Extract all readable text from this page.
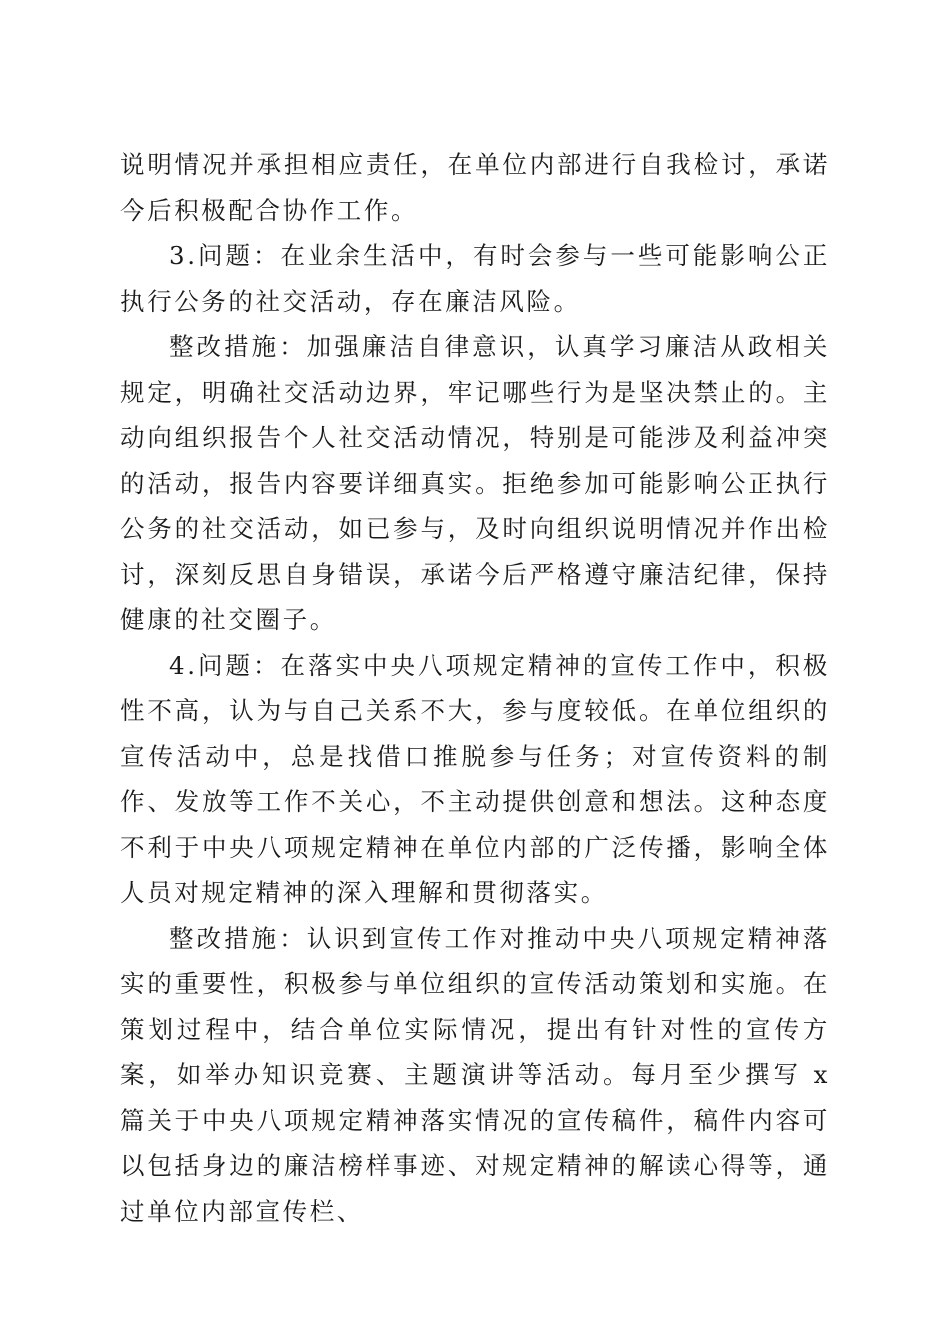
说明情况并承担相应责任，在单位内部进行自我检讨，承诺今后积极配合协作工作。

3.问题：在业余生活中，有时会参与一些可能影响公正执行公务的社交活动，存在廉洁风险。

整改措施：加强廉洁自律意识，认真学习廉洁从政相关规定，明确社交活动边界，牢记哪些行为是坚决禁止的。主动向组织报告个人社交活动情况，特别是可能涉及利益冲突的活动，报告内容要详细真实。拒绝参加可能影响公正执行公务的社交活动，如已参与，及时向组织说明情况并作出检讨，深刻反思自身错误，承诺今后严格遵守廉洁纪律，保持健康的社交圈子。

4.问题：在落实中央八项规定精神的宣传工作中，积极性不高，认为与自己关系不大，参与度较低。在单位组织的宣传活动中，总是找借口推脱参与任务；对宣传资料的制作、发放等工作不关心，不主动提供创意和想法。这种态度不利于中央八项规定精神在单位内部的广泛传播，影响全体人员对规定精神的深入理解和贯彻落实。

整改措施：认识到宣传工作对推动中央八项规定精神落实的重要性，积极参与单位组织的宣传活动策划和实施。在策划过程中，结合单位实际情况，提出有针对性的宣传方案，如举办知识竞赛、主题演讲等活动。每月至少撰写 x 篇关于中央八项规定精神落实情况的宣传稿件，稿件内容可以包括身边的廉洁榜样事迹、对规定精神的解读心得等，通过单位内部宣传栏、
